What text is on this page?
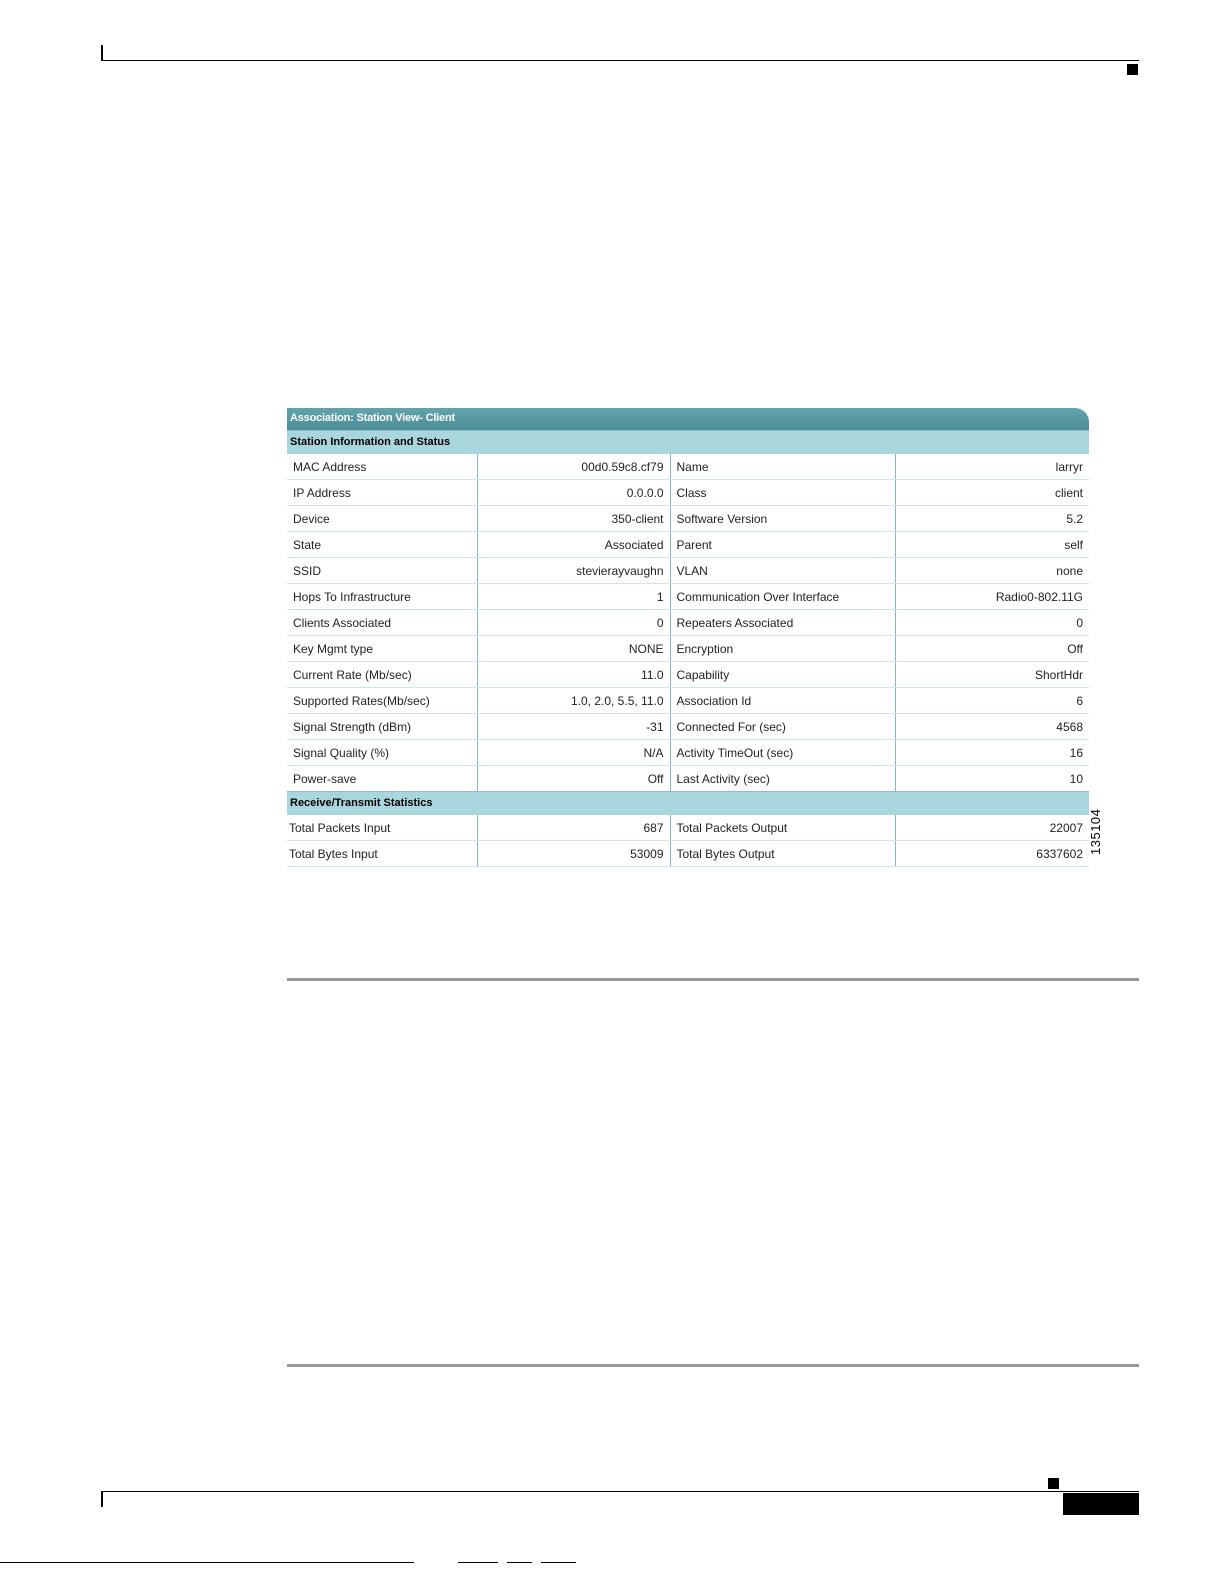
Association: Station View- Client
Station Information and Status
MAC Address	00d0.59c8.cf79	Name	larryr
IP Address	0.0.0.0	Class	client
Device	350-client	Software Version	5.2
State	Associated	Parent	self
SSID	stevierayvaughn	VLAN	none
Hops To Infrastructure	1	Communication Over Interface	Radio0-802.11G
Clients Associated	0	Repeaters Associated	0
Key Mgmt type	NONE	Encryption	Off
Current Rate (Mb/sec)	11.0	Capability	ShortHdr
Supported Rates(Mb/sec)	1.0, 2.0, 5.5, 11.0	Association Id	6
Signal Strength (dBm)	-31	Connected For (sec)	4568
Signal Quality (%)	N/A	Activity TimeOut (sec)	16
Power-save	Off	Last Activity (sec)	10
Receive/Transmit Statistics
Total Packets Input	687	Total Packets Output	22007
Total Bytes Input	53009	Total Bytes Output	6337602 135104
